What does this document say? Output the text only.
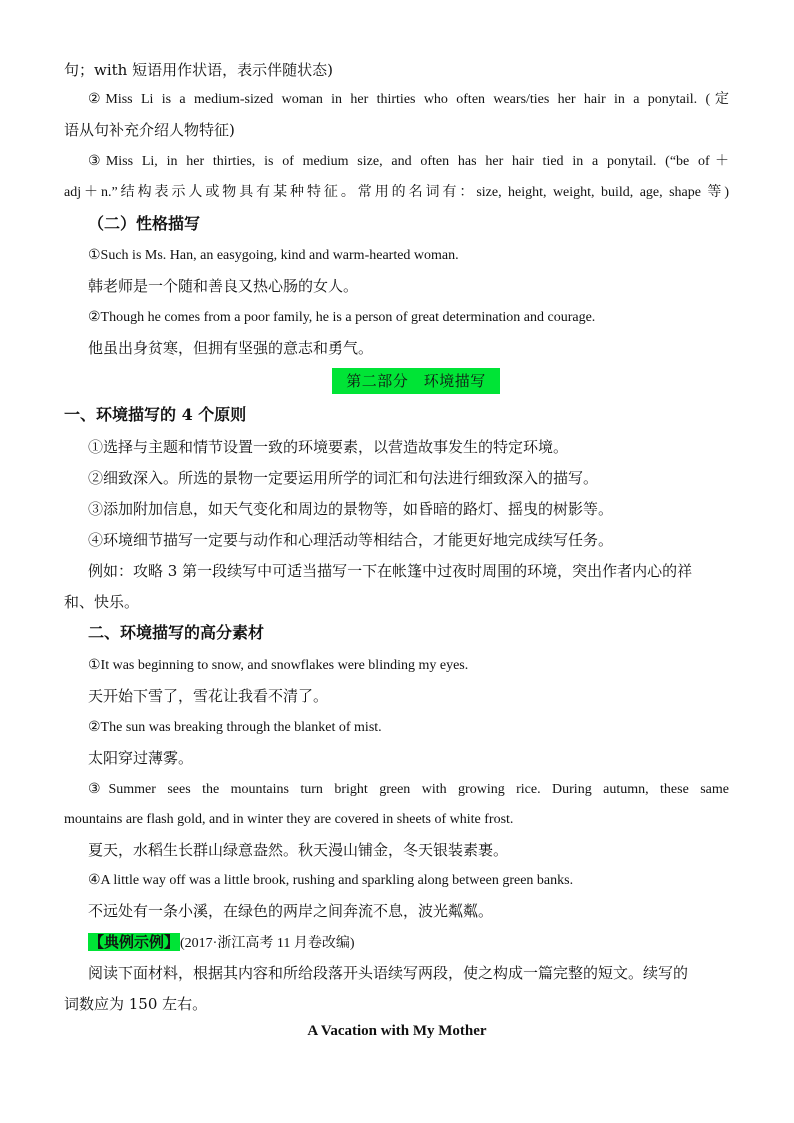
句；with 短语用作状语，表示伴随状态)
②Miss Li is a medium-sized woman in her thirties who often wears/ties her hair in a ponytail. (定
语从句补充介绍人物特征)
③Miss Li, in her thirties, is of medium size, and often has her hair tied in a ponytail. (“be of＋
adj＋n.”结构表示人或物具有某种特征。常用的名词有：size, height, weight, build, age, shape 等)
（二）性格描写
①Such is Ms. Han, an easygoing, kind and warm-hearted woman.
韩老师是一个随和善良又热心肠的女人。
②Though he comes from a poor family, he is a person of great determination and courage.
他虽出身贫寒，但拥有坚强的意志和勇气。
第二部分　环境描写
一、环境描写的 4 个原则
①选择与主题和情节设置一致的环境要素，以营造故事发生的特定环境。
②细致深入。所选的景物一定要运用所学的词汇和句法进行细致深入的描写。
③添加附加信息，如天气变化和周边的景物等，如昏暗的路灯、摇曳的树影等。
④环境细节描写一定要与动作和心理活动等相结合，才能更好地完成续写任务。
例如：攻略 3 第一段续写中可适当描写一下在帐篷中过夜时周围的环境，突出作者内心的祥
和、快乐。
二、环境描写的高分素材
①It was beginning to snow, and snowflakes were blinding my eyes.
天开始下雪了，雪花让我看不清了。
②The sun was breaking through the blanket of mist.
太阳穿过薄雾。
③Summer sees the mountains turn bright green with growing rice. During autumn, these same
mountains are flash gold, and in winter they are covered in sheets of white frost.
夏天，水稻生长群山绿意盎然。秋天漫山铺金，冬天银装素裹。
④A little way off was a little brook, rushing and sparkling along between green banks.
不远处有一条小溪，在绿色的两岸之间奔流不息，波光粼粼。
【典例示例】(2017·浙江高考 11 月卷改编)
阅读下面材料，根据其内容和所给段落开头语续写两段，使之构成一篇完整的短文。续写的
词数应为 150 左右。
A Vacation with My Mother
